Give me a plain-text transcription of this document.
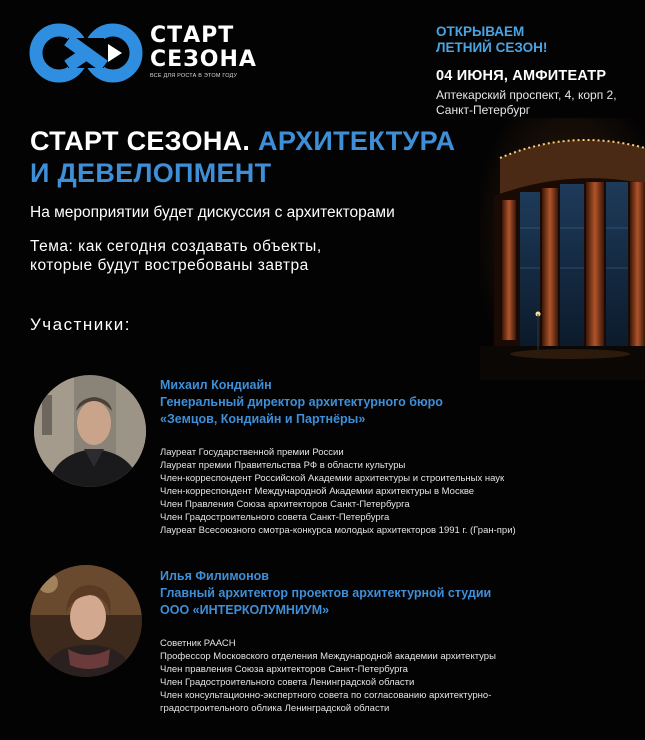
СТАРТ
СЕЗОНА
ВСЕ ДЛЯ РОСТА В ЭТОМ ГОДУ
ОТКРЫВАЕМ
ЛЕТНИЙ СЕЗОН!
04 ИЮНЯ, АМФИТЕАТР
Аптекарский проспект, 4, корп 2,
Санкт-Петербург
СТАРТ СЕЗОНА. АРХИТЕКТУРА
И ДЕВЕЛОПМЕНТ
На мероприятии будет дискуссия с архитекторами
Тема: как сегодня создавать объекты,
которые будут востребованы завтра
Участники:
Михаил Кондиайн
Генеральный директор архитектурного бюро
«Земцов, Кондиайн и Партнёры»
Лауреат Государственной премии России
Лауреат премии Правительства РФ в области культуры
Член-корреспондент Российской Академии архитектуры и строительных наук
Член-корреспондент Международной Академии архитектуры в Москве
Член Правления Союза архитекторов Санкт-Петербурга
Член Градостроительного совета Санкт-Петербурга
Лауреат Всесоюзного смотра-конкурса молодых архитекторов 1991 г. (Гран-при)
Илья Филимонов
Главный архитектор проектов архитектурной студии
ООО «ИНТЕРКОЛУМНИУМ»
Советник РААСН
Профессор Московского отделения Международной академии архитектуры
Член правления Союза архитекторов Санкт-Петербурга
Член Градостроительного совета Ленинградской области
Член консультационно-экспертного совета по согласованию архитектурно-
градостроительного облика Ленинградской области
